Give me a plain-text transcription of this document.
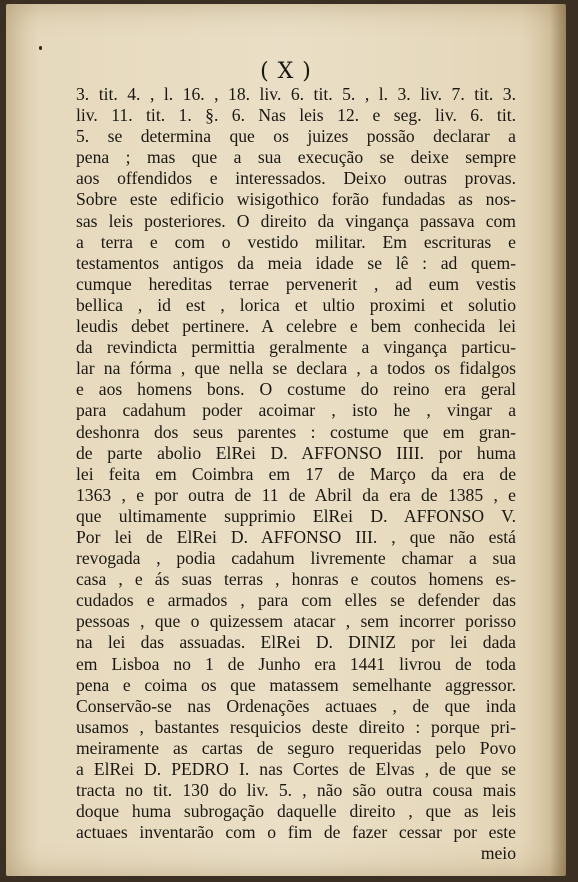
( X )
3. tit. 4. , l. 16. , 18. liv. 6. tit. 5. , l. 3. liv. 7. tit. 3.
liv. 11. tit. 1. §. 6. Nas leis 12. e seg. liv. 6. tit.
5. se determina que os juizes possão declarar a
pena ; mas que a sua execução se deixe sempre
aos offendidos e interessados. Deixo outras provas.
Sobre este edificio wisigothico forão fundadas as nos-
sas leis posteriores. O direito da vingança passava com
a terra e com o vestido militar. Em escrituras e
testamentos antigos da meia idade se lê : ad quem-
cumque hereditas terrae pervenerit , ad eum vestis
bellica , id est , lorica et ultio proximi et solutio
leudis debet pertinere. A celebre e bem conhecida lei
da revindicta permittia geralmente a vingança particu-
lar na fórma , que nella se declara , a todos os fidalgos
e aos homens bons. O costume do reino era geral
para cadahum poder acoimar , isto he , vingar a
deshonra dos seus parentes : costume que em gran-
de parte abolio ElRei D. AFFONSO IIII. por huma
lei feita em Coimbra em 17 de Março da era de
1363 , e por outra de 11 de Abril da era de 1385 , e
que ultimamente supprimio ElRei D. AFFONSO V.
Por lei de ElRei D. AFFONSO III. , que não está
revogada , podia cadahum livremente chamar a sua
casa , e ás suas terras , honras e coutos homens es-
cudados e armados , para com elles se defender das
pessoas , que o quizessem atacar , sem incorrer porisso
na lei das assuadas. ElRei D. DINIZ por lei dada
em Lisboa no 1 de Junho era 1441 livrou de toda
pena e coima os que matassem semelhante aggressor.
Conservão-se nas Ordenações actuaes , de que inda
usamos , bastantes resquicios deste direito : porque pri-
meiramente as cartas de seguro requeridas pelo Povo
a ElRei D. PEDRO I. nas Cortes de Elvas , de que se
tracta no tit. 130 do liv. 5. , não são outra cousa mais
doque huma subrogação daquelle direito , que as leis
actuaes inventarão com o fim de fazer cessar por este
meio
